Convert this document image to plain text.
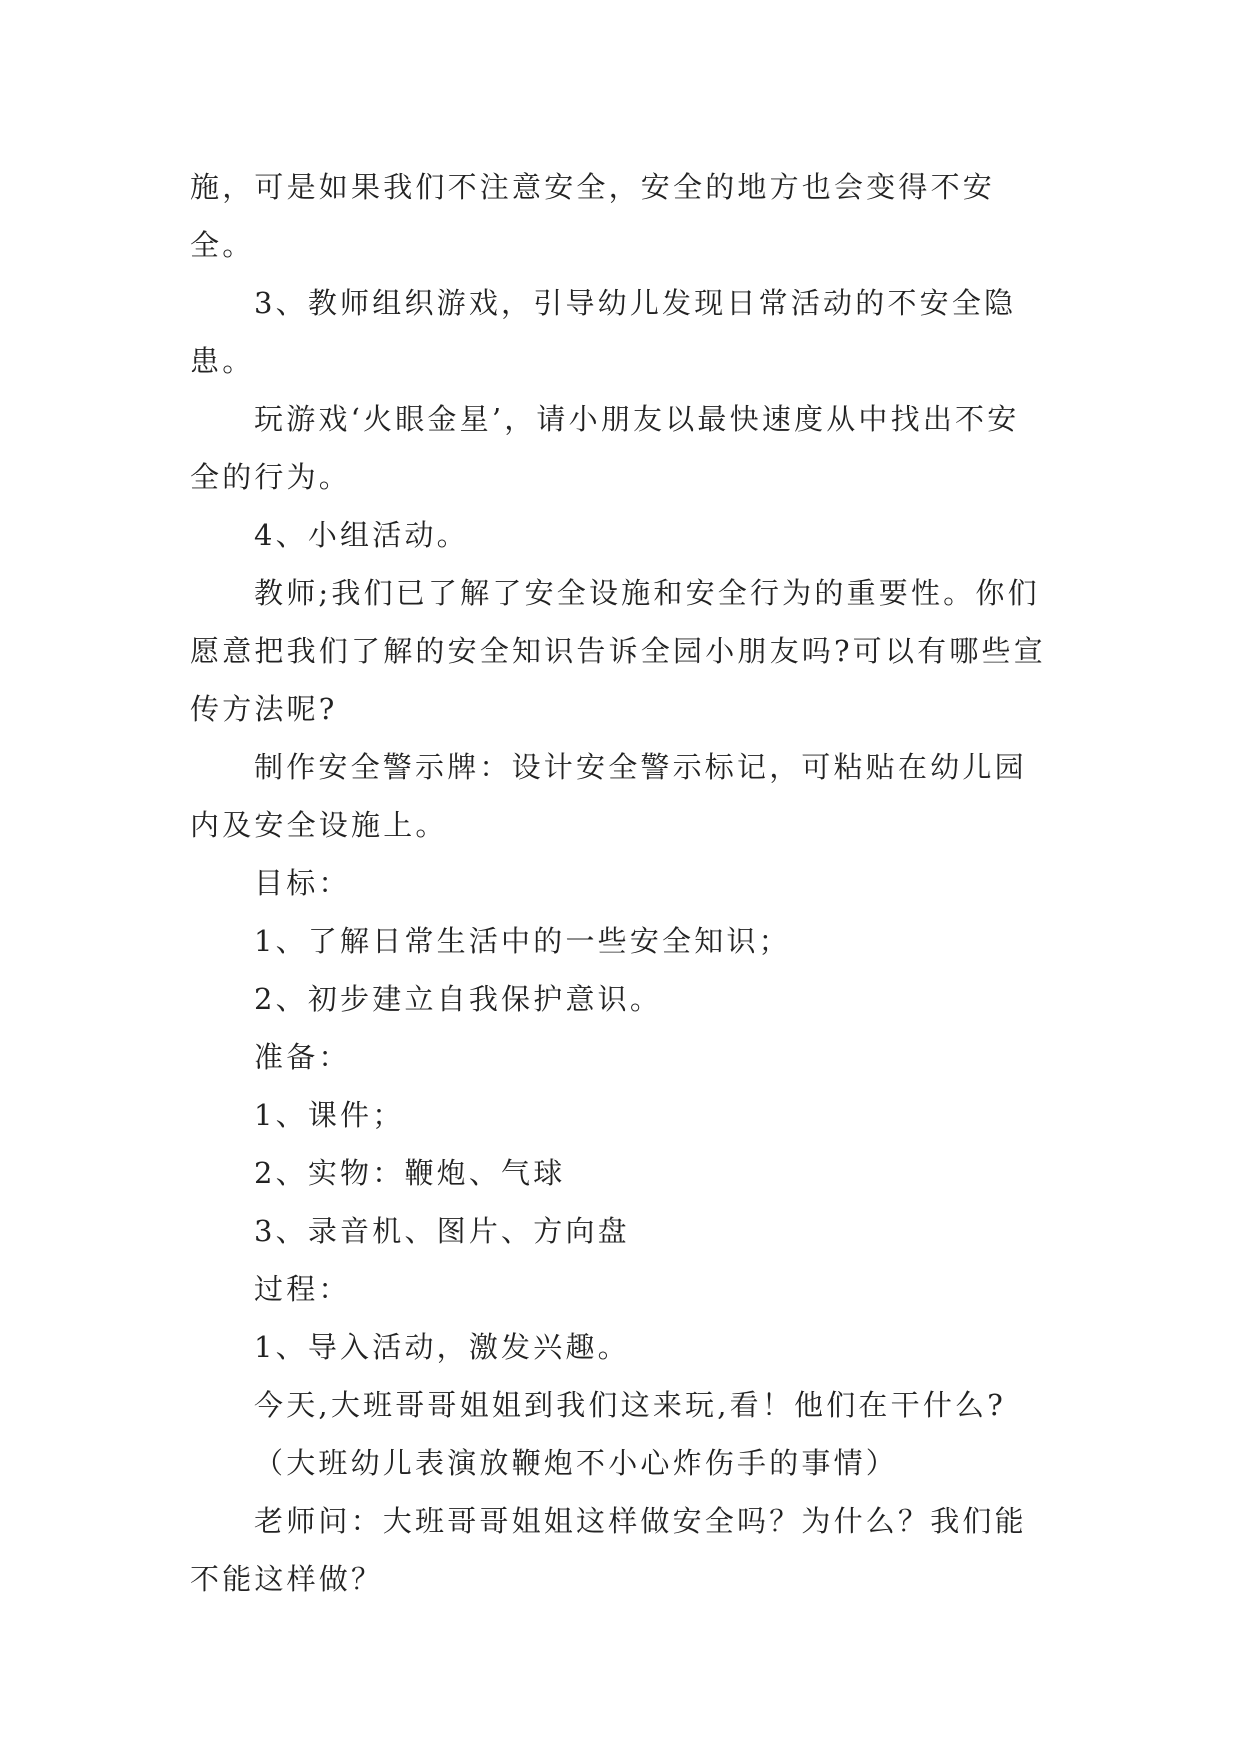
施，可是如果我们不注意安全，安全的地方也会变得不安全。

3、教师组织游戏，引导幼儿发现日常活动的不安全隐患。

玩游戏‘火眼金星’，请小朋友以最快速度从中找出不安全的行为。

4、小组活动。

教师;我们已了解了安全设施和安全行为的重要性。你们愿意把我们了解的安全知识告诉全园小朋友吗?可以有哪些宣传方法呢?

制作安全警示牌：设计安全警示标记，可粘贴在幼儿园内及安全设施上。

目标：

1、了解日常生活中的一些安全知识；

2、初步建立自我保护意识。

准备：

1、课件；

2、实物：鞭炮、气球

3、录音机、图片、方向盘

过程：

1、导入活动，激发兴趣。

今天,大班哥哥姐姐到我们这来玩,看！他们在干什么?

（大班幼儿表演放鞭炮不小心炸伤手的事情）

老师问：大班哥哥姐姐这样做安全吗？为什么？我们能不能这样做？
